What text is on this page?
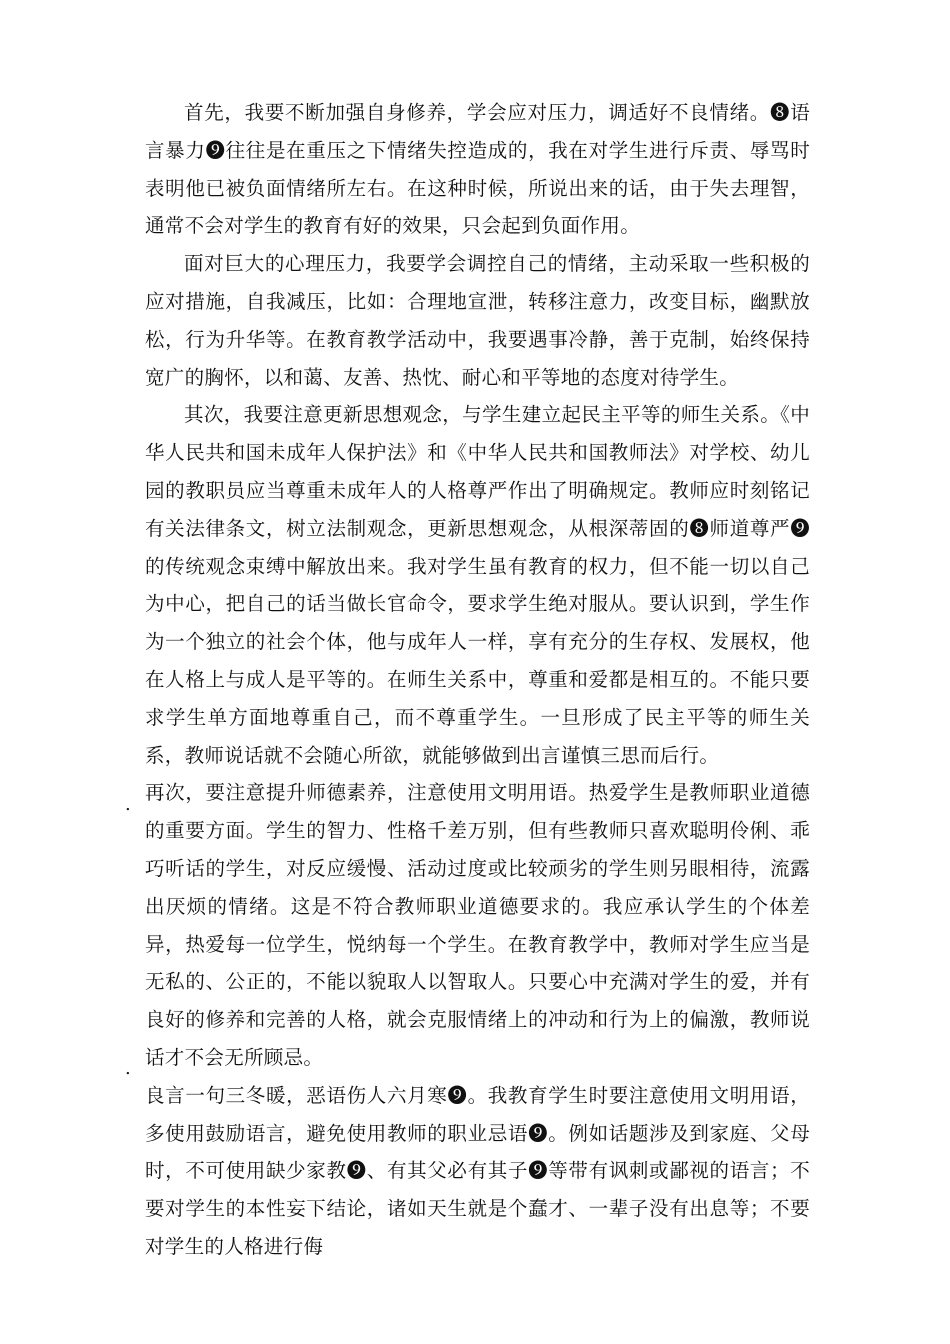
首先，我要不断加强自身修养，学会应对压力，调适好不良情绪。❽语言暴力❾往往是在重压之下情绪失控造成的，我在对学生进行斥责、辱骂时表明他已被负面情绪所左右。在这种时候，所说出来的话，由于失去理智，通常不会对学生的教育有好的效果，只会起到负面作用。

面对巨大的心理压力，我要学会调控自己的情绪，主动采取一些积极的应对措施，自我减压，比如：合理地宣泄，转移注意力，改变目标，幽默放松，行为升华等。在教育教学活动中，我要遇事冷静，善于克制，始终保持宽广的胸怀，以和蔼、友善、热忱、耐心和平等地的态度对待学生。

其次，我要注意更新思想观念，与学生建立起民主平等的师生关系。《中华人民共和国未成年人保护法》和《中华人民共和国教师法》对学校、幼儿园的教职员应当尊重未成年人的人格尊严作出了明确规定。教师应时刻铭记有关法律条文，树立法制观念，更新思想观念，从根深蒂固的❽师道尊严❾的传统观念束缚中解放出来。我对学生虽有教育的权力，但不能一切以自己为中心，把自己的话当做长官命令，要求学生绝对服从。要认识到，学生作为一个独立的社会个体，他与成年人一样，享有充分的生存权、发展权，他在人格上与成人是平等的。在师生关系中，尊重和爱都是相互的。不能只要求学生单方面地尊重自己，而不尊重学生。一旦形成了民主平等的师生关系，教师说话就不会随心所欲，就能够做到出言谨慎三思而后行。

再次，要注意提升师德素养，注意使用文明用语。热爱学生是教师职业道德的重要方面。学生的智力、性格千差万别，但有些教师只喜欢聪明伶俐、乖巧听话的学生，对反应缓慢、活动过度或比较顽劣的学生则另眼相待，流露出厌烦的情绪。这是不符合教师职业道德要求的。我应承认学生的个体差异，热爱每一位学生，悦纳每一个学生。在教育教学中，教师对学生应当是无私的、公正的，不能以貌取人以智取人。只要心中充满对学生的爱，并有良好的修养和完善的人格，就会克服情绪上的冲动和行为上的偏激，教师说话才不会无所顾忌。

良言一句三冬暖，恶语伤人六月寒❾。我教育学生时要注意使用文明用语，多使用鼓励语言，避免使用教师的职业忌语❾。例如话题涉及到家庭、父母时，不可使用缺少家教❾、有其父必有其子❾等带有讽刺或鄙视的语言；不要对学生的本性妄下结论，诸如天生就是个蠢才、一辈子没有出息等；不要对学生的人格进行侮

.
.
